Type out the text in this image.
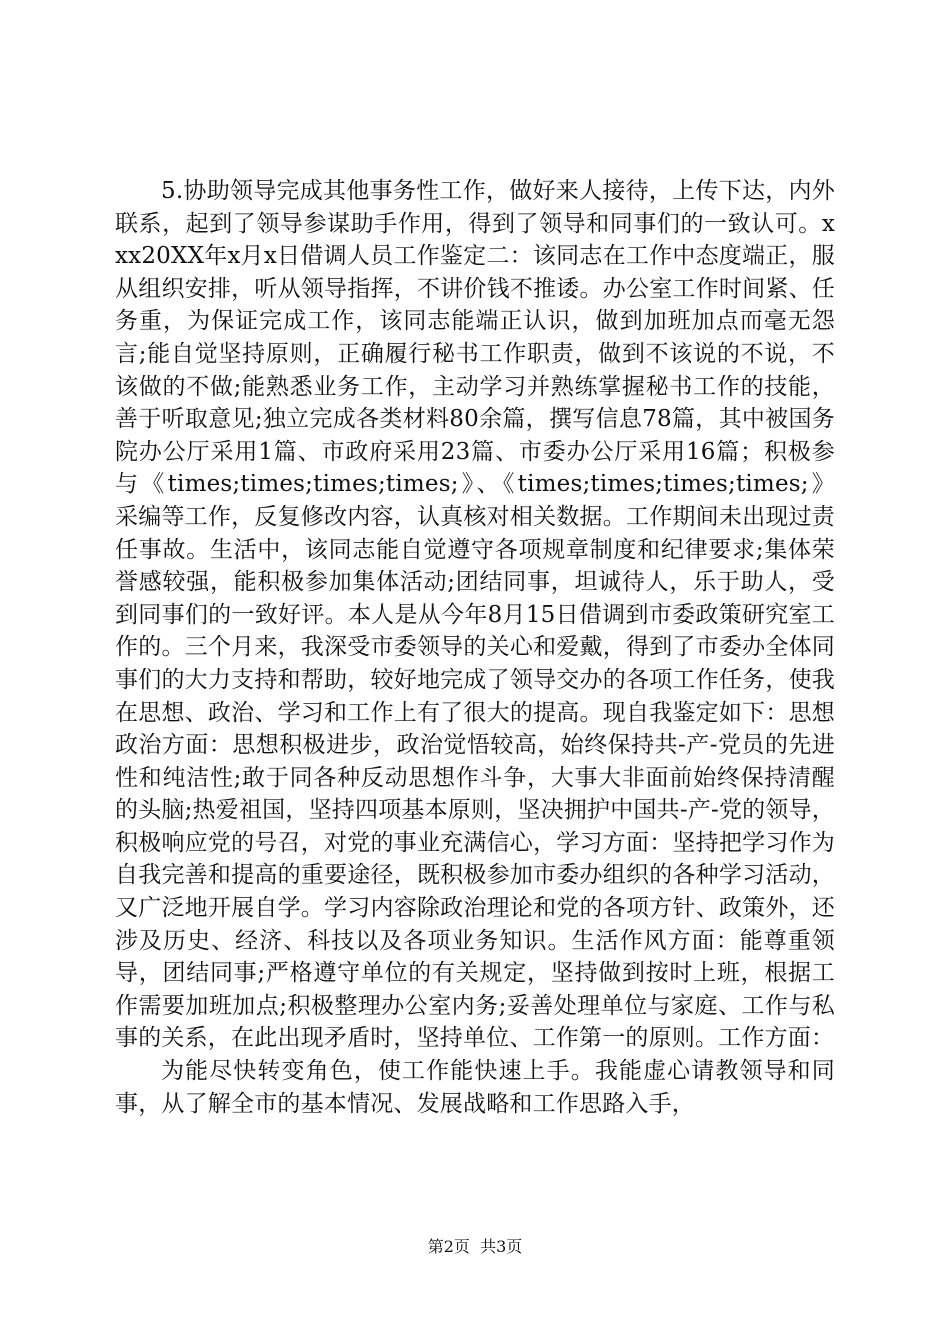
5.协助领导完成其他事务性工作，做好来人接待，上传下达，内外联系，起到了领导参谋助手作用，得到了领导和同事们的一致认可。xxx20XX年x月x日借调人员工作鉴定二：该同志在工作中态度端正，服从组织安排，听从领导指挥，不讲价钱不推诿。办公室工作时间紧、任务重，为保证完成工作，该同志能端正认识，做到加班加点而毫无怨言;能自觉坚持原则，正确履行秘书工作职责，做到不该说的不说，不该做的不做;能熟悉业务工作，主动学习并熟练掌握秘书工作的技能，善于听取意见;独立完成各类材料80余篇，撰写信息78篇，其中被国务院办公厅采用1篇、市政府采用23篇、市委办公厅采用16篇；积极参与《times;times;times;times;》、《times;times;times;times;》采编等工作，反复修改内容，认真核对相关数据。工作期间未出现过责任事故。生活中，该同志能自觉遵守各项规章制度和纪律要求;集体荣誉感较强，能积极参加集体活动;团结同事，坦诚待人，乐于助人，受到同事们的一致好评。本人是从今年8月15日借调到市委政策研究室工作的。三个月来，我深受市委领导的关心和爱戴，得到了市委办全体同事们的大力支持和帮助，较好地完成了领导交办的各项工作任务，使我在思想、政治、学习和工作上有了很大的提高。现自我鉴定如下：思想政治方面：思想积极进步，政治觉悟较高，始终保持共-产-党员的先进性和纯洁性;敢于同各种反动思想作斗争，大事大非面前始终保持清醒的头脑;热爱祖国，坚持四项基本原则，坚决拥护中国共-产-党的领导，积极响应党的号召，对党的事业充满信心，学习方面：坚持把学习作为自我完善和提高的重要途径，既积极参加市委办组织的各种学习活动，又广泛地开展自学。学习内容除政治理论和党的各项方针、政策外，还涉及历史、经济、科技以及各项业务知识。生活作风方面：能尊重领导，团结同事;严格遵守单位的有关规定，坚持做到按时上班，根据工作需要加班加点;积极整理办公室内务;妥善处理单位与家庭、工作与私事的关系，在此出现矛盾时，坚持单位、工作第一的原则。工作方面：

为能尽快转变角色，使工作能快速上手。我能虚心请教领导和同事，从了解全市的基本情况、发展战略和工作思路入手，

第2页  共3页
